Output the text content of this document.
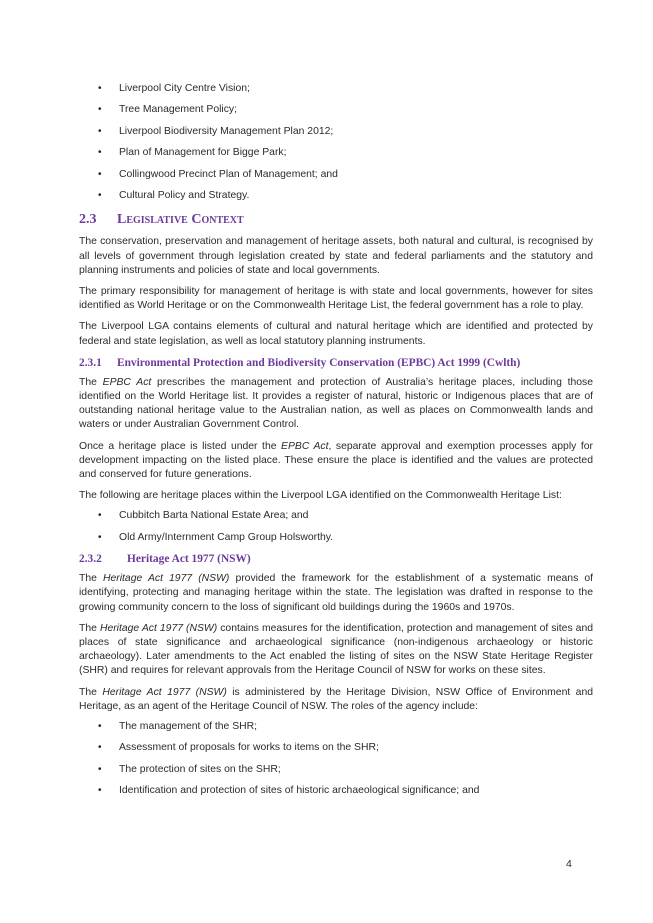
• Liverpool City Centre Vision;
• Tree Management Policy;
• Liverpool Biodiversity Management Plan 2012;
• Plan of Management for Bigge Park;
• Collingwood Precinct Plan of Management; and
• Cultural Policy and Strategy.
2.3 Legislative Context

The conservation, preservation and management of heritage assets, both natural and cultural, is recognised by all levels of government through legislation created by state and federal parliaments and the statutory and planning instruments and policies of state and local governments.

The primary responsibility for management of heritage is with state and local governments, however for sites identified as World Heritage or on the Commonwealth Heritage List, the federal government has a role to play.

The Liverpool LGA contains elements of cultural and natural heritage which are identified and protected by federal and state legislation, as well as local statutory planning instruments.

2.3.1 Environmental Protection and Biodiversity Conservation (EPBC) Act 1999 (Cwlth)

The EPBC Act prescribes the management and protection of Australia’s heritage places, including those identified on the World Heritage list. It provides a register of natural, historic or Indigenous places that are of outstanding national heritage value to the Australian nation, as well as places on Commonwealth lands and waters or under Australian Government Control.

Once a heritage place is listed under the EPBC Act, separate approval and exemption processes apply for development impacting on the listed place. These ensure the place is identified and the values are protected and conserved for future generations.

The following are heritage places within the Liverpool LGA identified on the Commonwealth Heritage List:

• Cubbitch Barta National Estate Area; and
• Old Army/Internment Camp Group Holsworthy.
2.3.2 Heritage Act 1977 (NSW)

The Heritage Act 1977 (NSW) provided the framework for the establishment of a systematic means of identifying, protecting and managing heritage within the state. The legislation was drafted in response to the growing community concern to the loss of significant old buildings during the 1960s and 1970s.

The Heritage Act 1977 (NSW) contains measures for the identification, protection and management of sites and places of state significance and archaeological significance (non-indigenous archaeology or historic archaeology). Later amendments to the Act enabled the listing of sites on the NSW State Heritage Register (SHR) and requires for relevant approvals from the Heritage Council of NSW for works on these sites.

The Heritage Act 1977 (NSW) is administered by the Heritage Division, NSW Office of Environment and Heritage, as an agent of the Heritage Council of NSW. The roles of the agency include:

• The management of the SHR;
• Assessment of proposals for works to items on the SHR;
• The protection of sites on the SHR;
• Identification and protection of sites of historic archaeological significance; and
4
